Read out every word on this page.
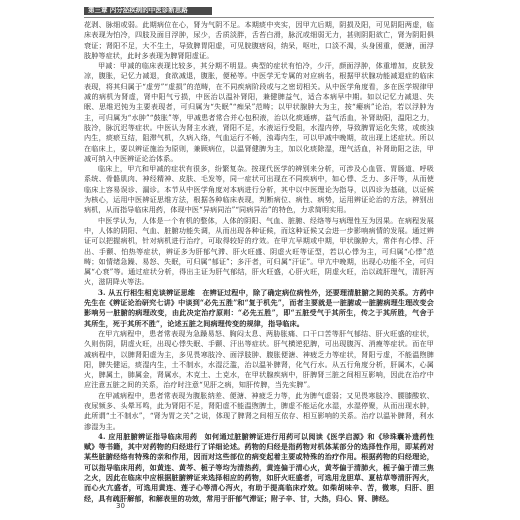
第三章 内分泌疾病的中医诊断思路

花剥、脉细或弱。此期病位在心，肾为气阴不足。本期痰中夹实，因甲亢后期，阴损及阳，可见阴阳两虚，临床表现为怕冷，四肢及面目浮肿，尿少，舌质淡胖，舌苔白滑，脉沉或细弱无力，甚则阴阳欲亡，肾为阴阳俱衰证；肾阳不足，大不生土，导致脾胃阳虚，可见脘腹痞闷，纳呆，呕吐，口淡不渴，头身困重，便溏，面浮肢肿等症状，此时多表现为脾肾阳虚证。

甲减：甲减的临床表现比较多，其分期不明显。典型的症状有怕冷，少汗，颜面浮肿，体重增加，皮肤发凉，腹胀，记忆力减退，食欲减退，腹胀，便秘等。中医学无专属的对应病名，根据甲状腺功能减退症的临床表现，将其归属于“虚劳”“虚损”的范畴，在不同疾病阶段或与之密切相关。从中医学角度看，多在医学规律甲减的病机为肾虚，肾中阳气亏损，中医治以温补肾阳，兼健脾益气，适合本病早中期。如以记忆力减退、失眠、思维迟钝为主要表现者，可归属为“失眠”“痴呆”范畴；以甲状腺肿大为主，按“瘿病”论治，若以浮肿为主，可归属为“水肿”“鼓胀”等，甲减患者常合并心包积液，治以化痰通痹，益气活血，补肾助阳，温阳之力，肢冷，脉沉迟等症状。中医认为肾主水液，肾阳不足，水液运行受阻，水湿内停，导致脾胃运化失常，或痰浊内生，痰瘀互结，阻滞气机，久病入络，气血运行不畅，浊毒内生，可以甲减中晚期，故出现上述症状。所以在临床上，要以辨证施治为原则，兼顾病位，以温肾健脾为主，加以化痰除湿，理气活血，补肾助阳之法，甲减可纳入中医辨证论治体系。

临床上，甲亢和甲减的症状有很多，纷繁复杂。按现代医学的辨别来分析，可涉及心血管、胃肠道、呼吸系统、骨骼肌肉、神经精神、皮肤、毛发等，同一症状可出现在不同疾病中，如心悸、乏力、多汗等，从而使临床上容易误诊、漏诊。本节从中医学角度对本病进行分析，其中以中医理论为指导，以四诊为基础，以证候为核心，运用中医辨证思维方法，根据各种临床表现，判断病位、病性、病势，运用辨证论治的方法，辨别出病机，从而指导临床用药，体现中医“异病同治”“同病异治”的特色，力求简明实用。

中医学认为，人体是一个有机的整体，人体的阴阳、气血、脏腑、经络等与病理性互为因果。在病程发展中，人体的阴阳、气血、脏腑功能失调，从而出现各种证候，而这种证候又会进一步影响病情的发展。通过辨证可以把握病机，针对病机进行治疗，可取得较好的疗效。在甲亢早期或中期，甲状腺肿大，常伴有心悸、汗出、手颤、怕热等症状，辨证多为肝郁气滞、肝火旺盛、阴虚火旺等证型，若以心悸为主，可归属“心悸”范畴；如情绪急躁、易怒、失眠，可归属“郁证”；多汗者，可归属“汗证”。甲亢中晚期，出现心功能不全，可归属“心衰”等。通过症状分析，得出主证为肝气郁结，肝火旺盛，心肝火旺，阴虚火旺，治以疏肝理气，清肝泻火，滋阴降火等法。

3. 从五行相生相克谈辨证思维　在辨证过程中，除了确定病位病性外，还要理清脏腑之间的关系。方药中先生在《辨证论治研究七讲》中谈到“必先五胜”和“复于机先”，而者主要就是一脏腑或一脏腑病理生理改变会影响另一脏腑的病理改变，由此决定治疗原则：“必先五胜”，即“五脏受气于其所生，传之于其所胜，气舍于其所生，死于其所不胜”，论述五脏之间病理传变的规律，指导临床。

在甲亢病程中，患者常表现为急躁易怒、胸闷太息、两胁胀痛、口干口苦等肝气郁结、肝火旺盛的症状，久则伤阴，阴虚火旺，出现心悸失眠、手颤、汗出等症状。肝气横逆犯脾，可出现腹泻、消瘦等症状。而在甲减病程中，以脾肾阳虚为主，多见畏寒肢冷、面浮肢肿、腹胀便溏、神疲乏力等症状，肾阳亏虚，不能温煦脾阳，脾失健运，痰湿内生，土不制水，水湿泛滥，治以温补脾肾，化气行水。从五行角度分析，肝属木，心属火，脾属土，肺属金，肾属水，木克土、土克水，在甲状腺疾病中，肝脾肾三脏之间相互影响，因此在治疗中应注意五脏之间的关系，治疗时注意“见肝之病，知肝传脾，当先实脾”。

在甲减病程中，患者常表现为腹胀纳差、便溏、神疲乏力等，此为脾气虚弱；又见畏寒肢冷、腰膝酸软、夜尿频多、头晕耳鸣，此为肾阳不足，肾阳虚不能温煦脾土，脾虚不能运化水湿，水湿停聚，从而出现水肿，此所谓“土不制水”，“肾为胃之关”之说，体现了脾肾之间相互依存、相互影响的关系。治疗以温补脾肾，利水渗湿为主。

4. 应用脏腑辨证指导临床用药　如何通过脏腑辨证进行用药可以阅读《医学启源》和《珍珠囊补遗药性赋》等书籍，其中对药物的归经进行了详细论述。药物的归经是指药物对机体某部分的选择性作用，即某药对某些脏腑经络有特殊的亲和作用，因而对这些部位的病变起着主要或特殊的治疗作用。根据药物的归经理论，可以指导临床用药，如黄连、黄芩、栀子等均为清热药，黄连偏于清心火，黄芩偏于清肺火，栀子偏于清三焦之火，因此在临床中应根据脏腑辨证来选择相应的药物，如肝火旺盛者，可选用龙胆草、夏枯草等清肝泻火，而心火亢盛者，可选用黄连、莲子心等清心泻火，有助于提高临床疗效。如柴胡味辛、苦，微寒，归肝、胆经，具有疏肝解郁，和解表里的功效，常用于肝郁气滞证；附子辛、甘，大热，归心、肾、脾经。

30
